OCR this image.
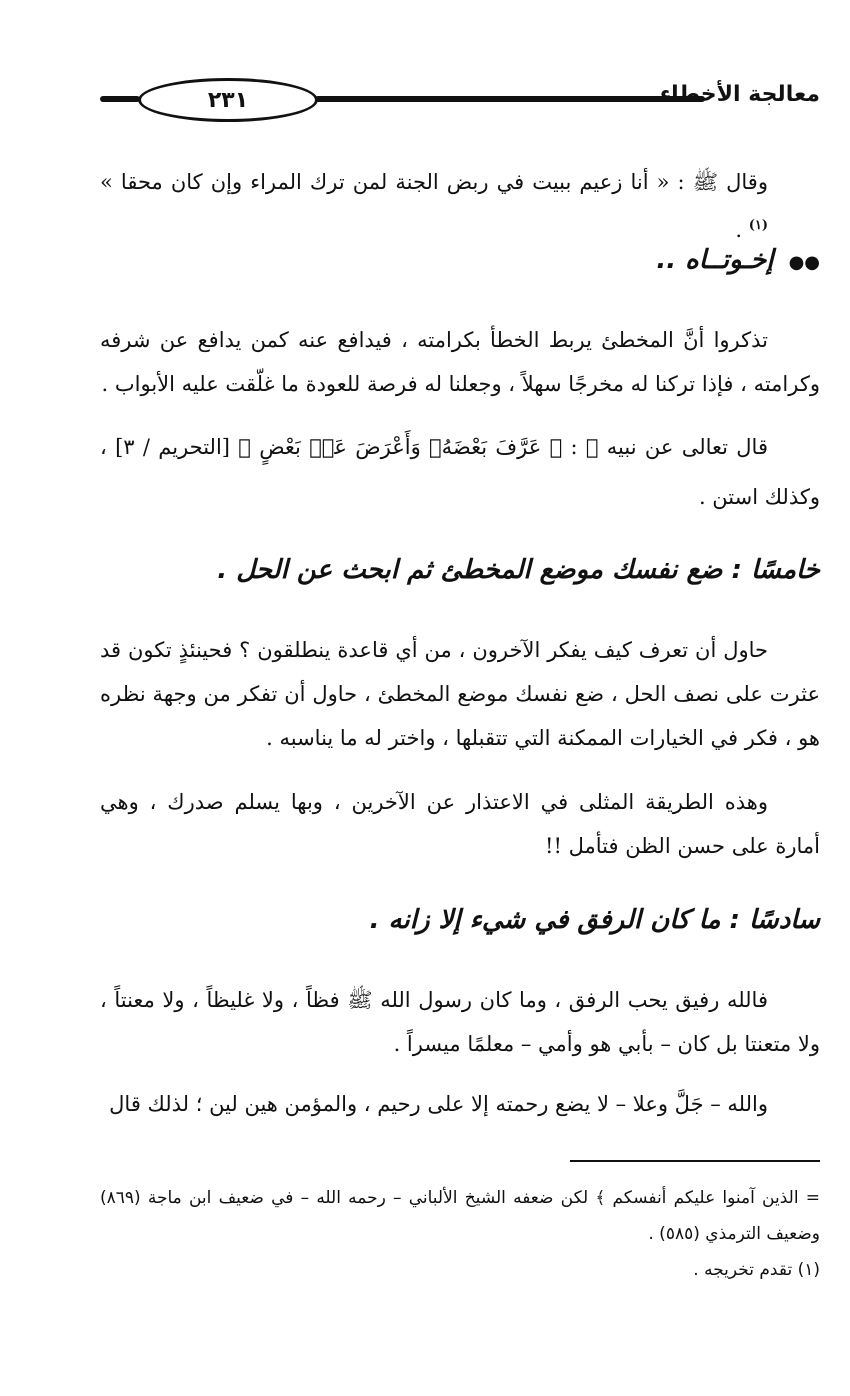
٢٣١	معالجة الأخطاء

وقال ﷺ : « أنا زعيم ببيت في ربض الجنة لمن ترك المراء وإن كان محقا » $^{(١)}$ .

●● إخـوتــاه ..

تذكروا أنَّ المخطئ يربط الخطأ بكرامته ، فيدافع عنه كمن يدافع عن شرفه وكرامته ، فإذا تركنا له مخرجًا سهلاً ، وجعلنا له فرصة للعودة ما غلّقت عليه الأبواب .

قال تعالى عن نبيه ﷺ : ﴿ عَرَّفَ بَعْضَهُۥ وَأَعْرَضَ عَنۢ بَعْضٍ ﴾ [التحريم / ٣] ، وكذلك استن .

خامسًا : ضع نفسك موضع المخطئ ثم ابحث عن الحل .

حاول أن تعرف كيف يفكر الآخرون ، من أي قاعدة ينطلقون ؟ فحينئذٍ تكون قد عثرت على نصف الحل ، ضع نفسك موضع المخطئ ، حاول أن تفكر من وجهة نظره هو ، فكر في الخيارات الممكنة التي تتقبلها ، واختر له ما يناسبه .

وهذه الطريقة المثلى في الاعتذار عن الآخرين ، وبها يسلم صدرك ، وهي أمارة على حسن الظن فتأمل !!

سادسًا : ما كان الرفق في شيء إلا زانه .

فالله رفيق يحب الرفق ، وما كان رسول الله ﷺ فظاً ، ولا غليظاً ، ولا معنتاً ، ولا متعنتا بل كان – بأبي هو وأمي – معلمًا ميسراً .

والله – جَلَّ وعلا – لا يضع رحمته إلا على رحيم ، والمؤمن هين لين ؛ لذلك قال

= الذين آمنوا عليكم أنفسكم ﴾ لكن ضعفه الشيخ الألباني – رحمه الله – في ضعيف ابن ماجة (٨٦٩) وضعيف الترمذي (٥٨٥) .

(١) تقدم تخريجه .
